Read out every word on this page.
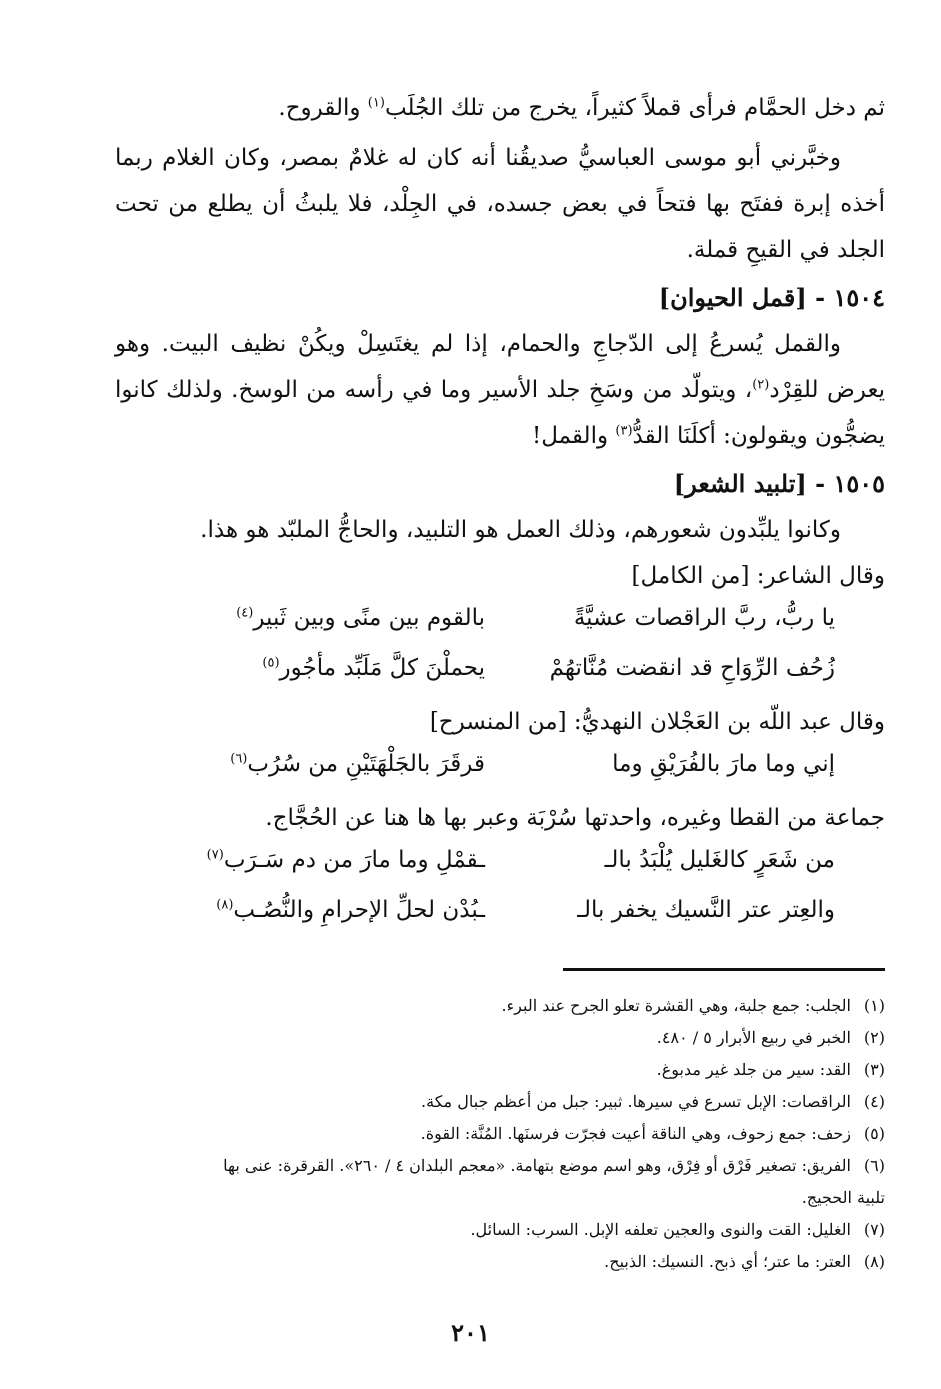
ثم دخل الحمَّام فرأى قملاً كثيراً، يخرج من تلك الجُلَب$^{(١)}$ والقروح.

وخبَّرني أبو موسى العباسيُّ صديقُنا أنه كان له غلامٌ بمصر، وكان الغلام ربما أخذه إبرة ففتَح بها فتحاً في بعض جسده، في الجِلْد، فلا يلبثُ أن يطلع من تحت الجلد في القيحِ قملة.

١٥٠٤ - [قمل الحيوان]

والقمل يُسرعُ إلى الدّجاجِ والحمام، إذا لم يغتَسِلْ ويكُنْ نظيف البيت. وهو يعرض للقِرْد$^{(٢)}$، ويتولّد من وسَخِ جلد الأسير وما في رأسه من الوسخ. ولذلك كانوا يضجُّون ويقولون: أكلَنَا القدُّ$^{(٣)}$ والقمل!

١٥٠٥ - [تلبيد الشعر]

وكانوا يلبِّدون شعورهم، وذلك العمل هو التلبيد، والحاجُّ الملبّد هو هذا.

وقال الشاعر: [من الكامل]

يا ربُّ، ربَّ الراقصات عشيَّةً
بالقوم بين منًى وبين ثَبير$^{(٤)}$
زُحُف الرِّوَاحِ قد انقضت مُنَّاتهُمْ
يحملْنَ كلَّ مَلَبِّد مأجُور$^{(٥)}$

وقال عبد اللّه بن العَجْلان النهديُّ: [من المنسرح]

إني وما مارَ بالفُرَيْقِ وما
قرقَرَ بالجَلْهَتَيْنِ من سُرُب$^{(٦)}$

جماعة من القطا وغيره، واحدتها سُرْبَة وعبر بها ها هنا عن الحُجَّاج.

من شَعَرٍ كالغَليل يُلْبَدُ بالـ
ـقمْلِ وما مارَ من دم سَـرَب$^{(٧)}$
والعِتر عتر النَّسيك يخفر بالـ
ـبُدْن لحلِّ الإحرامِ والنُّصُـب$^{(٨)}$

(١)الجلب: جمع جلبة، وهي القشرة تعلو الجرح عند البرء.

(٢)الخبر في ربيع الأبرار ٥ / ٤٨٠.

(٣)القد: سير من جلد غير مدبوغ.

(٤)الراقصات: الإبل تسرع في سيرها. ثبير: جبل من أعظم جبال مكة.

(٥)زحف: جمع زحوف، وهي الناقة أعيت فجرّت فرسنَها. المُنَّة: القوة.

(٦)الفريق: تصغير فَرْق أو فِرْق، وهو اسم موضع بتهامة. «معجم البلدان ٤ / ٢٦٠». القرقرة: عنى بها

تلبية الحجيج.

(٧)الغليل: القت والنوى والعجين تعلفه الإبل. السرب: السائل.

(٨)العتر: ما عتر؛ أي ذبح. النسيك: الذبيح.

٢٠١
